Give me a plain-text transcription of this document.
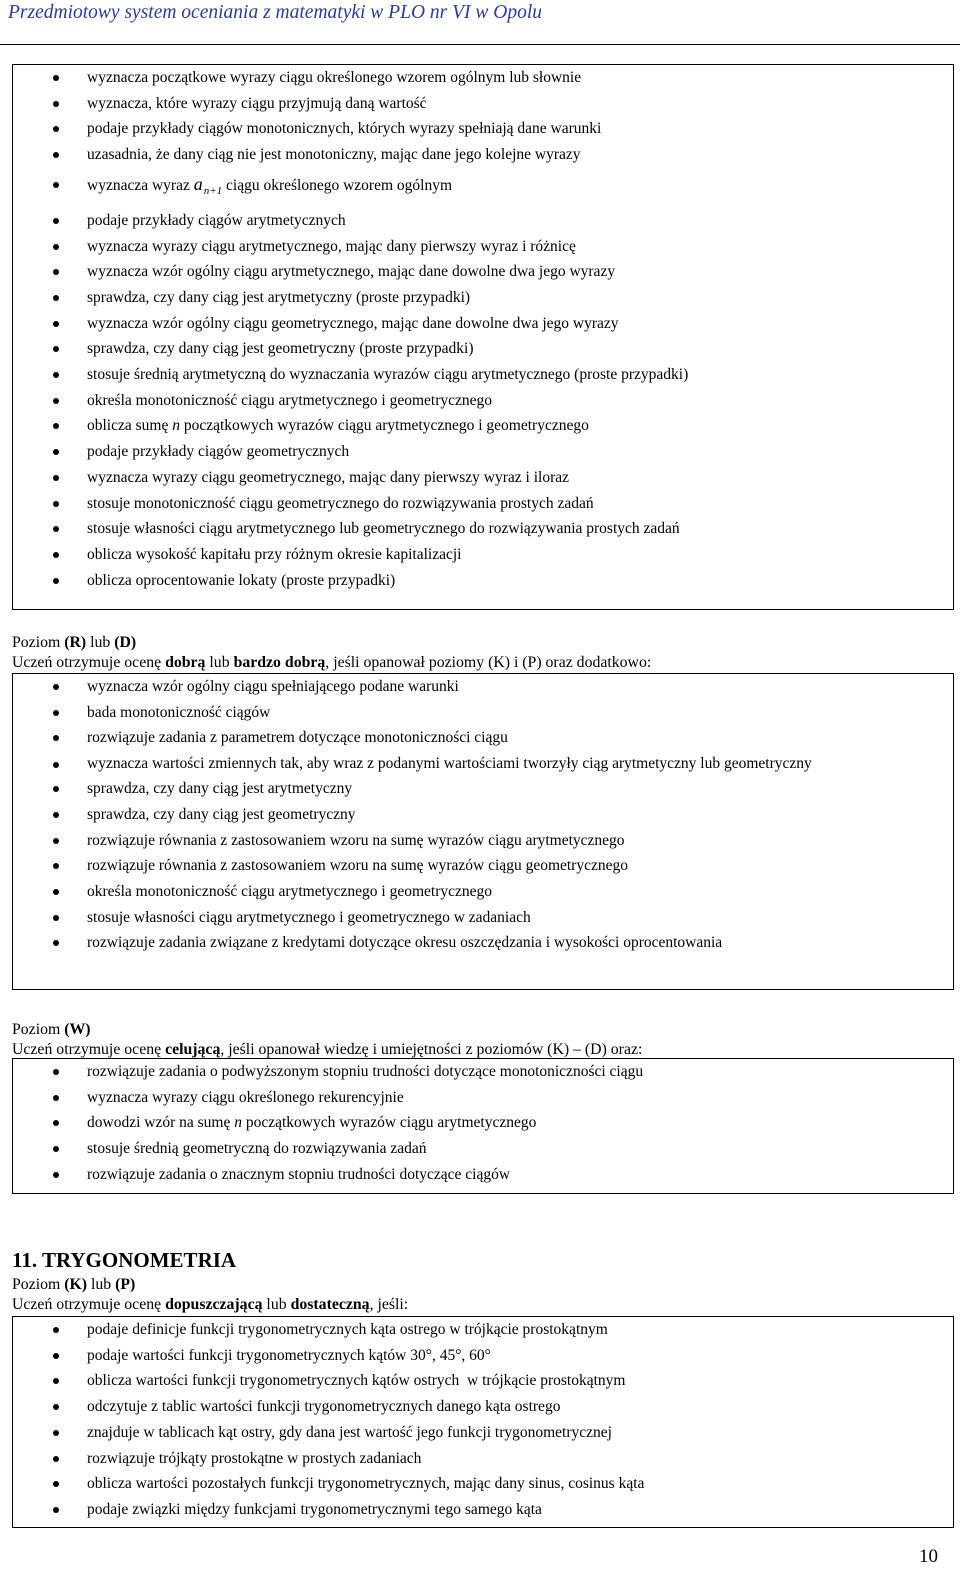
Przedmiotowy system oceniania z matematyki w PLO nr VI w Opolu
wyznacza początkowe wyrazy ciągu określonego wzorem ogólnym lub słownie
wyznacza, które wyrazy ciągu przyjmują daną wartość
podaje przykłady ciągów monotonicznych, których wyrazy spełniają dane warunki
uzasadnia, że dany ciąg nie jest monotoniczny, mając dane jego kolejne wyrazy
wyznacza wyraz $a_{n+1}$ ciągu określonego wzorem ogólnym
podaje przykłady ciągów arytmetycznych
wyznacza wyrazy ciągu arytmetycznego, mając dany pierwszy wyraz i różnicę
wyznacza wzór ogólny ciągu arytmetycznego, mając dane dowolne dwa jego wyrazy
sprawdza, czy dany ciąg jest arytmetyczny (proste przypadki)
wyznacza wzór ogólny ciągu geometrycznego, mając dane dowolne dwa jego wyrazy
sprawdza, czy dany ciąg jest geometryczny (proste przypadki)
stosuje średnią arytmetyczną do wyznaczania wyrazów ciągu arytmetycznego (proste przypadki)
określa monotoniczność ciągu arytmetycznego i geometrycznego
oblicza sumę n początkowych wyrazów ciągu arytmetycznego i geometrycznego
podaje przykłady ciągów geometrycznych
wyznacza wyrazy ciągu geometrycznego, mając dany pierwszy wyraz i iloraz
stosuje monotoniczność ciągu geometrycznego do rozwiązywania prostych zadań
stosuje własności ciągu arytmetycznego lub geometrycznego do rozwiązywania prostych zadań
oblicza wysokość kapitału przy różnym okresie kapitalizacji
oblicza oprocentowanie lokaty (proste przypadki)
Poziom (R) lub (D)
Uczeń otrzymuje ocenę dobrą lub bardzo dobrą, jeśli opanował poziomy (K) i (P) oraz dodatkowo:
wyznacza wzór ogólny ciągu spełniającego podane warunki
bada monotoniczność ciągów
rozwiązuje zadania z parametrem dotyczące monotoniczności ciągu
wyznacza wartości zmiennych tak, aby wraz z podanymi wartościami tworzyły ciąg arytmetyczny lub geometryczny
sprawdza, czy dany ciąg jest arytmetyczny
sprawdza, czy dany ciąg jest geometryczny
rozwiązuje równania z zastosowaniem wzoru na sumę wyrazów ciągu arytmetycznego
rozwiązuje równania z zastosowaniem wzoru na sumę wyrazów ciągu geometrycznego
określa monotoniczność ciągu arytmetycznego i geometrycznego
stosuje własności ciągu arytmetycznego i geometrycznego w zadaniach
rozwiązuje zadania związane z kredytami dotyczące okresu oszczędzania i wysokości oprocentowania
Poziom (W)
Uczeń otrzymuje ocenę celującą, jeśli opanował wiedzę i umiejętności z poziomów (K) – (D) oraz:
rozwiązuje zadania o podwyższonym stopniu trudności dotyczące monotoniczności ciągu
wyznacza wyrazy ciągu określonego rekurencyjnie
dowodzi wzór na sumę n początkowych wyrazów ciągu arytmetycznego
stosuje średnią geometryczną do rozwiązywania zadań
rozwiązuje zadania o znacznym stopniu trudności dotyczące ciągów
11. TRYGONOMETRIA
Poziom (K) lub (P)
Uczeń otrzymuje ocenę dopuszczającą lub dostateczną, jeśli:
podaje definicje funkcji trygonometrycznych kąta ostrego w trójkącie prostokątnym
podaje wartości funkcji trygonometrycznych kątów 30°, 45°, 60°
oblicza wartości funkcji trygonometrycznych kątów ostrych  w trójkącie prostokątnym
odczytuje z tablic wartości funkcji trygonometrycznych danego kąta ostrego
znajduje w tablicach kąt ostry, gdy dana jest wartość jego funkcji trygonometrycznej
rozwiązuje trójkąty prostokątne w prostych zadaniach
oblicza wartości pozostałych funkcji trygonometrycznych, mając dany sinus, cosinus kąta
podaje związki między funkcjami trygonometrycznymi tego samego kąta
10
